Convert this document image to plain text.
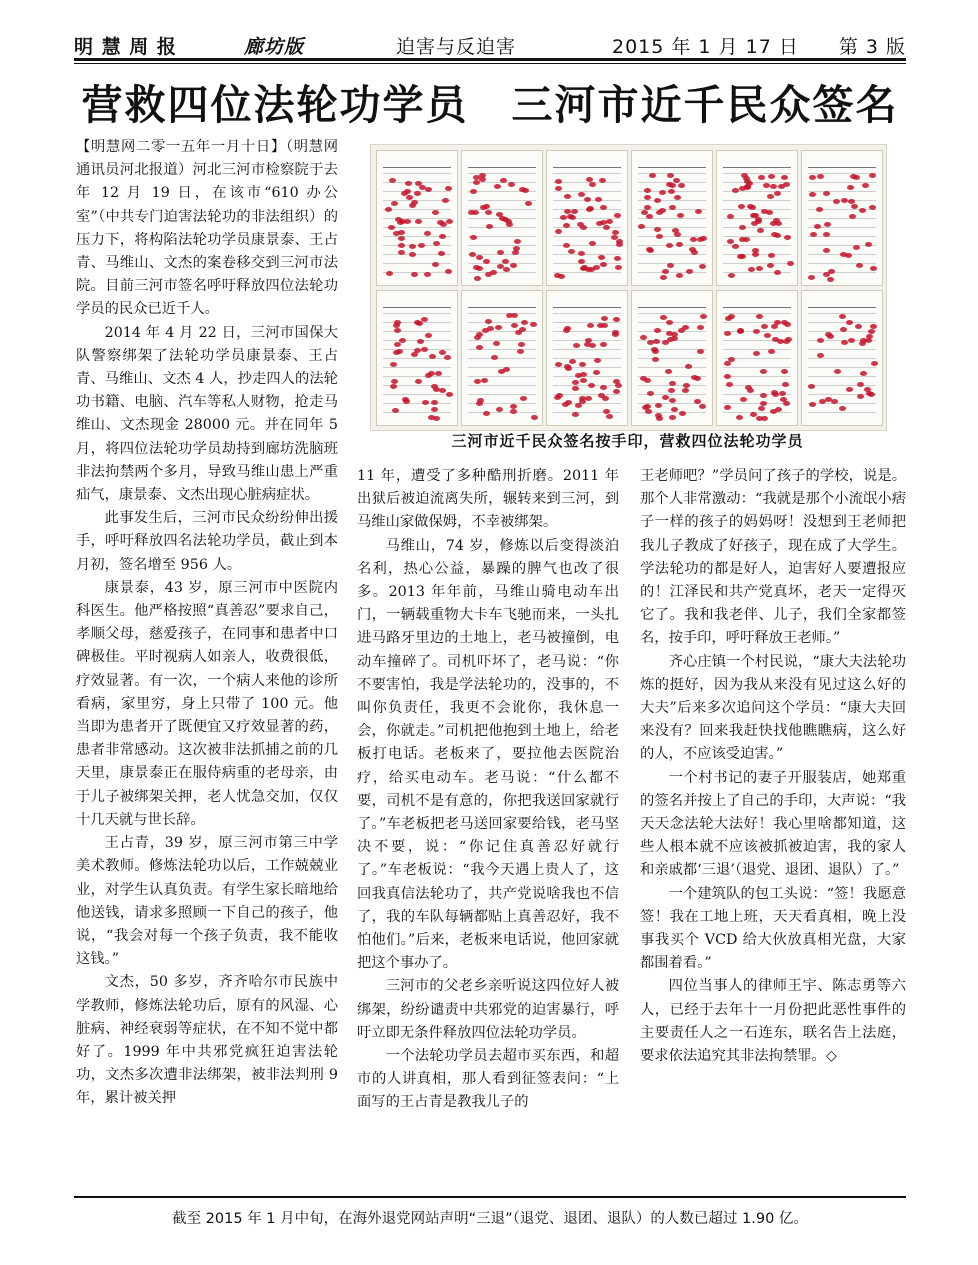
明 慧 周 报	廊坊版	迫害与反迫害	2015 年 1 月 17 日 第 3 版
营救四位法轮功学员　三河市近千民众签名

【明慧网二零一五年一月十日】（明慧网通讯员河北报道）河北三河市检察院于去年 12 月 19 日，在该市“610 办公室”（中共专门迫害法轮功的非法组织）的压力下，将构陷法轮功学员康景泰、王占青、马维山、文杰的案卷移交到三河市法院。目前三河市签名呼吁释放四位法轮功学员的民众已近千人。

2014 年 4 月 22 日，三河市国保大队警察绑架了法轮功学员康景泰、王占青、马维山、文杰 4 人，抄走四人的法轮功书籍、电脑、汽车等私人财物，抢走马维山、文杰现金 28000 元。并在同年 5 月，将四位法轮功学员劫持到廊坊洗脑班非法拘禁两个多月，导致马维山患上严重疝气，康景泰、文杰出现心脏病症状。

此事发生后，三河市民众纷纷伸出援手，呼吁释放四名法轮功学员，截止到本月初，签名增至 956 人。

康景泰，43 岁，原三河市中医院内科医生。他严格按照“真善忍”要求自己，孝顺父母，慈爱孩子，在同事和患者中口碑极佳。平时视病人如亲人，收费很低，疗效显著。有一次，一个病人来他的诊所看病，家里穷，身上只带了 100 元。他当即为患者开了既便宜又疗效显著的药，患者非常感动。这次被非法抓捕之前的几天里，康景泰正在服侍病重的老母亲，由于儿子被绑架关押，老人忧急交加，仅仅十几天就与世长辞。

王占青，39 岁，原三河市第三中学美术教师。修炼法轮功以后，工作兢兢业业，对学生认真负责。有学生家长暗地给他送钱，请求多照顾一下自己的孩子，他说，“我会对每一个孩子负责，我不能收这钱。”

文杰，50 多岁，齐齐哈尔市民族中学教师，修炼法轮功后，原有的风湿、心脏病、神经衰弱等症状，在不知不觉中都好了。1999 年中共邪党疯狂迫害法轮功，文杰多次遭非法绑架，被非法判刑 9 年，累计被关押

三河市近千民众签名按手印，营救四位法轮功学员

11 年，遭受了多种酷刑折磨。2011 年出狱后被迫流离失所，辗转来到三河，到马维山家做保姆，不幸被绑架。

马维山，74 岁，修炼以后变得淡泊名利，热心公益，暴躁的脾气也改了很多。2013 年年前，马维山骑电动车出门，一辆载重物大卡车飞驰而来，一头扎进马路牙里边的土地上，老马被撞倒，电动车撞碎了。司机吓坏了，老马说：“你不要害怕，我是学法轮功的，没事的，不叫你负责任，我更不会讹你，我休息一会，你就走。”司机把他抱到土地上，给老板打电话。老板来了，要拉他去医院治疗，给买电动车。老马说：“什么都不要，司机不是有意的，你把我送回家就行了。”车老板把老马送回家要给钱，老马坚决不要，说：“你记住真善忍好就行了。”车老板说：“我今天遇上贵人了，这回我真信法轮功了，共产党说啥我也不信了，我的车队每辆都贴上真善忍好，我不怕他们。”后来，老板来电话说，他回家就把这个事办了。

三河市的父老乡亲听说这四位好人被绑架，纷纷谴责中共邪党的迫害暴行，呼吁立即无条件释放四位法轮功学员。

一个法轮功学员去超市买东西，和超市的人讲真相，那人看到征签表问：“上面写的王占青是教我儿子的

王老师吧？”学员问了孩子的学校，说是。那个人非常激动：“我就是那个小流氓小痞子一样的孩子的妈妈呀！没想到王老师把我儿子教成了好孩子，现在成了大学生。学法轮功的都是好人，迫害好人要遭报应的！江泽民和共产党真坏，老天一定得灭它了。我和我老伴、儿子，我们全家都签名，按手印，呼吁释放王老师。”

齐心庄镇一个村民说，“康大夫法轮功炼的挺好，因为我从来没有见过这么好的大夫”后来多次追问这个学员：“康大夫回来没有？回来我赶快找他瞧瞧病，这么好的人，不应该受迫害。”

一个村书记的妻子开服装店，她郑重的签名并按上了自己的手印，大声说：“我天天念法轮大法好！我心里啥都知道，这些人根本就不应该被抓被迫害，我的家人和亲戚都‘三退’（退党、退团、退队）了。”

一个建筑队的包工头说：“签！我愿意签！我在工地上班，天天看真相，晚上没事我买个 VCD 给大伙放真相光盘，大家都围着看。”

四位当事人的律师王宇、陈志勇等六人，已经于去年十一月份把此恶性事件的主要责任人之一石连东，联名告上法庭，要求依法追究其非法拘禁罪。◇

截至 2015 年 1 月中旬，在海外退党网站声明“三退”（退党、退团、退队）的人数已超过 1.90 亿。
